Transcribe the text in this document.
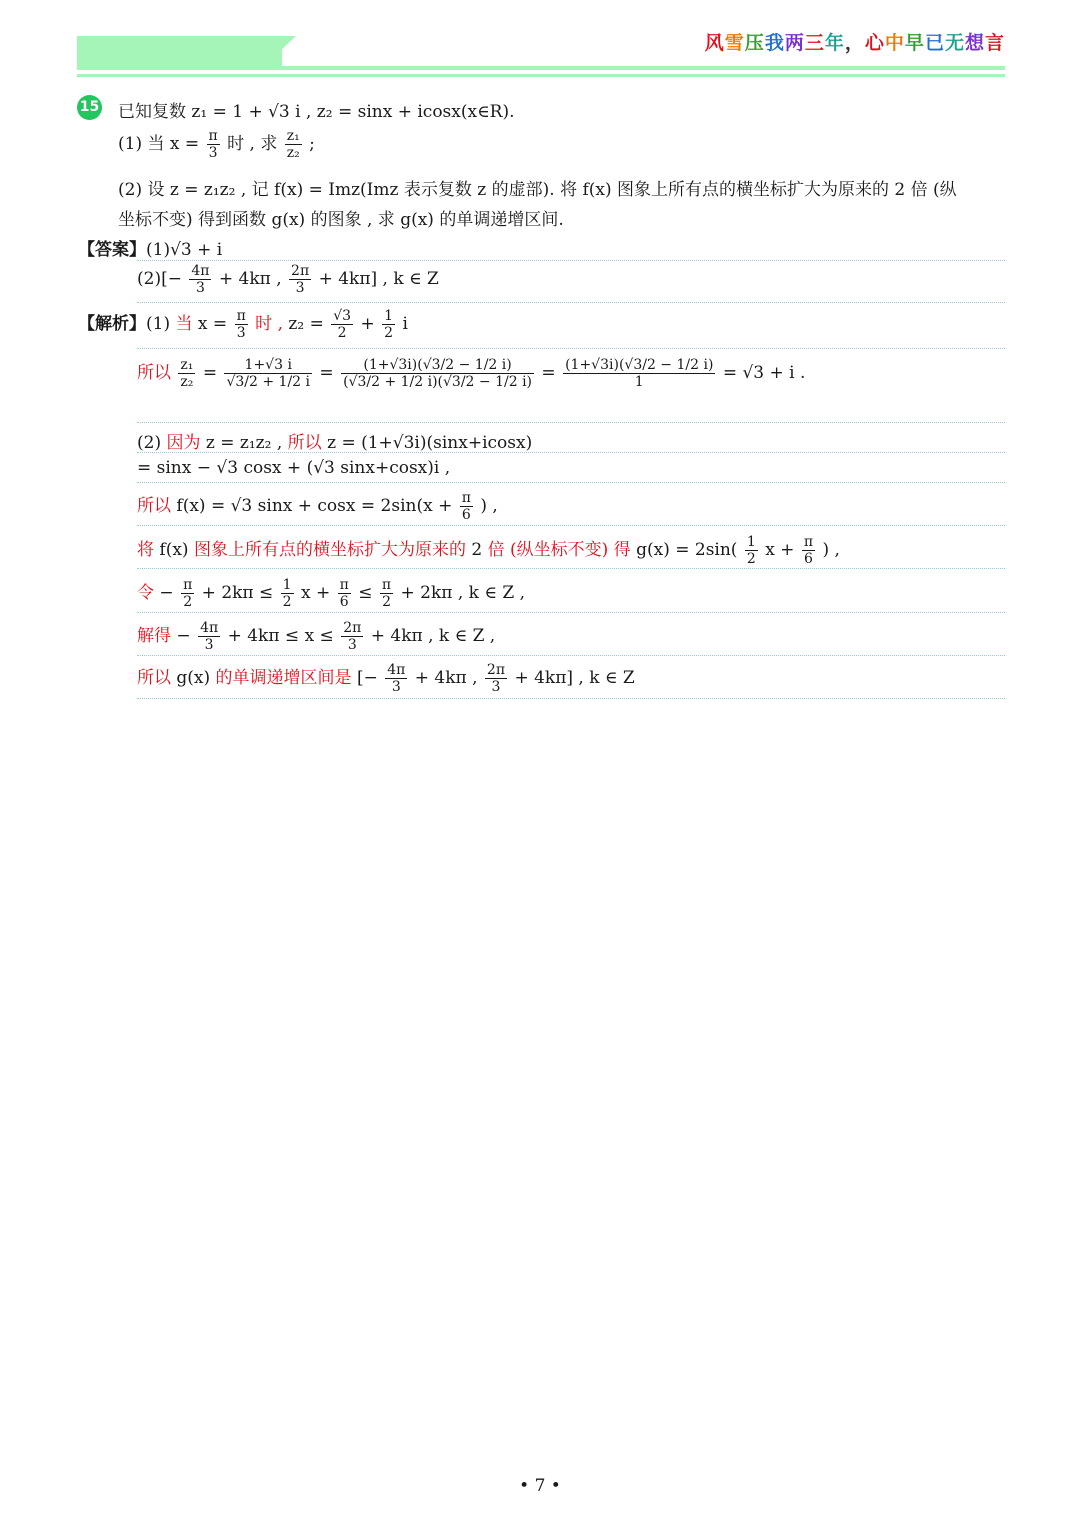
风雪压我两三年，心中早已无想言
15 已知复数 z₁ = 1 + √3 i , z₂ = sinx + icosx(x∈R).
(1) 当 $x = \frac{\pi}{3}$ 时 , 求 $\frac{\text{z₁}}{\text{z₂}}$ ;
(2) 设 z = z₁z₂ , 记 f(x) = Imz(Imz 表示复数 z 的虚部). 将 f(x) 图象上所有点的横坐标扩大为原来的 2 倍 (纵
坐标不变) 得到函数 g(x) 的图象 , 求 g(x) 的单调递增区间.
【答案】(1)√3 + i
$(2)[- \frac{4\pi}{3} + 4k\pi$ , $\frac{2\pi}{3} + 4k\pi$] , k ∈ Z
【解析】(1) 当 $x = \frac{\pi}{3}$ 时 , $z_2 = \frac{√3}{2} + \frac{1}{2}$ i
所以 $\frac{\text{z₁}}{\text{z₂}} = \frac{1+√3 i}{√3/2 + 1/2 i} = \frac{(1+√3i)(√3/2 - 1/2 i)}{(√3/2 + 1/2 i)(√3/2 - 1/2 i)} = \frac{(1+√3i)(√3/2 - 1/2 i)}{1} = √3 + i$ .
(2) 因为 z = z₁z₂ , 所以 z = (1+√3i)(sinx+icosx)
= sinx − √3 cosx + (√3 sinx+cosx)i ,
所以 f(x) = √3 $\sin x + \cos x = 2\sin(x + \frac{\pi}{6}$ ) ,
将 f(x) 图象上所有点的横坐标扩大为原来的 2 倍 (纵坐标不变) 得 $g(x) = 2\sin( \frac{1}{2}$ $x + \frac{\pi}{6}$ ) ,
令 − $\frac{\pi}{2} + 2k\pi \le \frac{1}{2}$ $x + \frac{\pi}{6} \le \frac{\pi}{2} + 2k\pi$ , k ∈ Z ,
解得 − $\frac{4\pi}{3} + 4k\pi \le x \le \frac{2\pi}{3} + 4k\pi$ , k ∈ Z ,
所以 g(x) 的单调递增区间是 [− $\frac{4\pi}{3} + 4k\pi$ , $\frac{2\pi}{3} + 4k\pi$] , k ∈ Z
• 7 •
